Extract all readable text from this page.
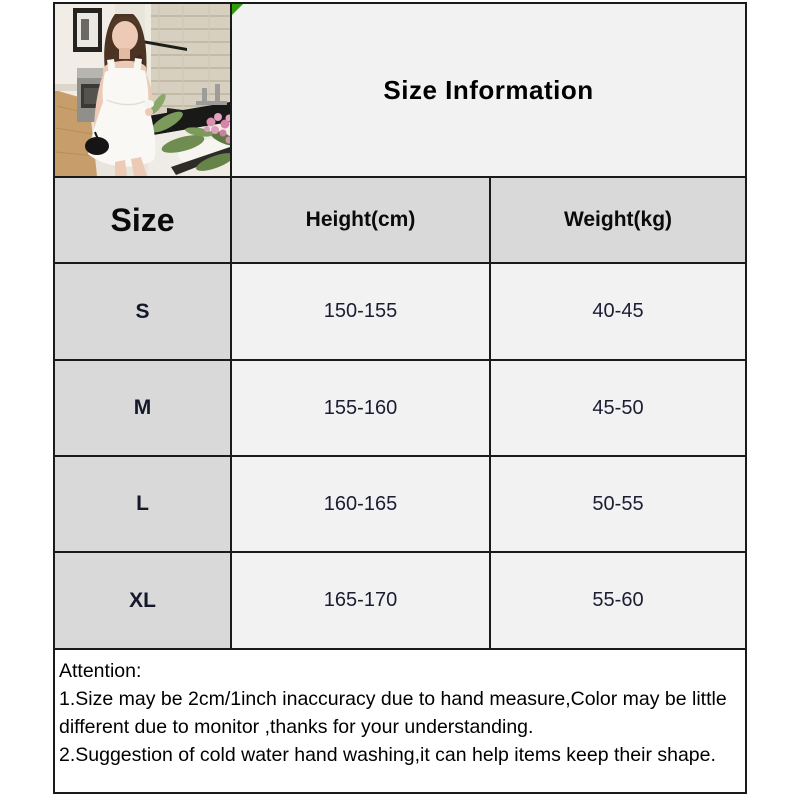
Size Information
Size	Height(cm)	Weight(kg)
S	150-155	40-45
M	155-160	45-50
L	160-165	50-55
XL	165-170	55-60
Attention:
1.Size may be 2cm/1inch inaccuracy due to hand measure,Color may be little
different due to monitor ,thanks for your understanding.
2.Suggestion of cold water hand washing,it can help items keep their shape.
